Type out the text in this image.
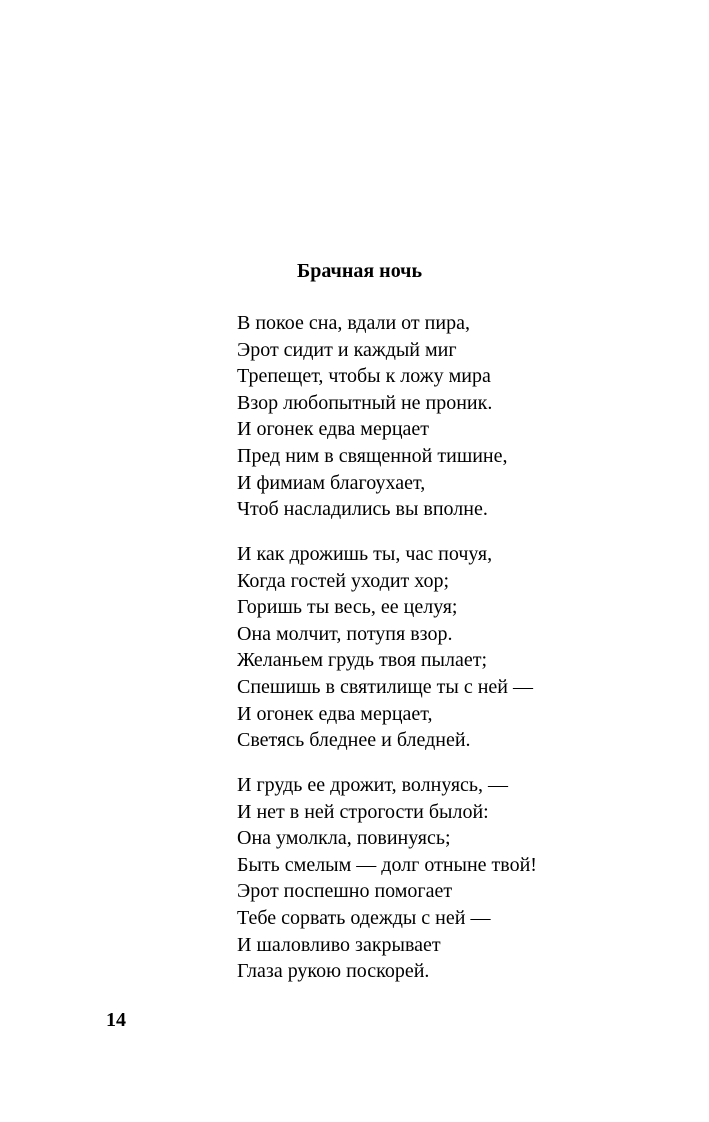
Брачная ночь
В покое сна, вдали от пира,
Эрот сидит и каждый миг
Трепещет, чтобы к ложу мира
Взор любопытный не проник.
И огонек едва мерцает
Пред ним в священной тишине,
И фимиам благоухает,
Чтоб насладились вы вполне.
И как дрожишь ты, час почуя,
Когда гостей уходит хор;
Горишь ты весь, ее целуя;
Она молчит, потупя взор.
Желаньем грудь твоя пылает;
Спешишь в святилище ты с ней —
И огонек едва мерцает,
Светясь бледнее и бледней.
И грудь ее дрожит, волнуясь, —
И нет в ней строгости былой:
Она умолкла, повинуясь;
Быть смелым — долг отныне твой!
Эрот поспешно помогает
Тебе сорвать одежды с ней —
И шаловливо закрывает
Глаза рукою поскорей.
14
